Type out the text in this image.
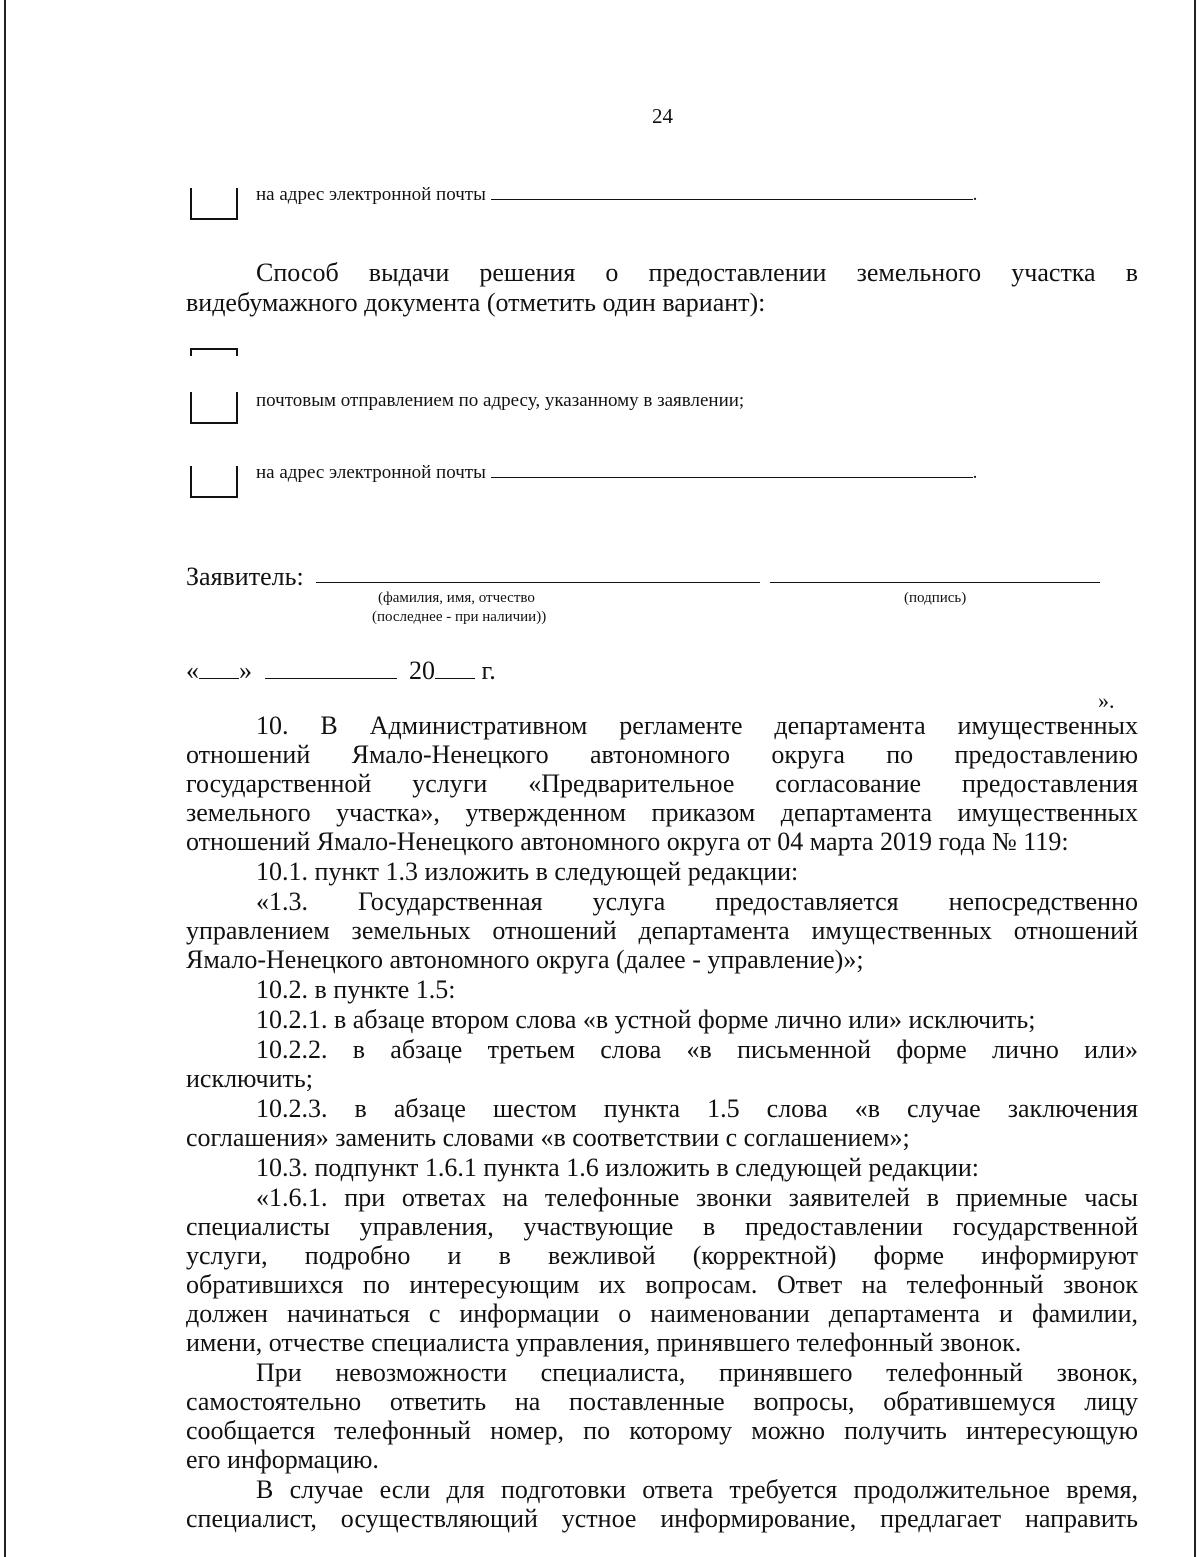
24
на адрес электронной почты	.
Способ выдачи решения о предоставлении земельного участка в
видебумажного документа (отметить один вариант):
почтовым отправлением по адресу, указанному в заявлении;
на адрес электронной почты	.
Заявитель:
(фамилия, имя, отчество
(последнее - при наличии))
(подпись)
« »	20 г.
».
10. В Административном регламенте департамента имущественных
отношений Ямало-Ненецкого автономного округа по предоставлению
государственной услуги «Предварительное согласование предоставления
земельного участка», утвержденном приказом департамента имущественных
отношений Ямало-Ненецкого автономного округа от 04 марта 2019 года № 119:
10.1. пункт 1.3 изложить в следующей редакции:
«1.3. Государственная услуга предоставляется непосредственно
управлением земельных отношений департамента имущественных отношений
Ямало-Ненецкого автономного округа (далее - управление)»;
10.2. в пункте 1.5:
10.2.1. в абзаце втором слова «в устной форме лично или» исключить;
10.2.2. в абзаце третьем слова «в письменной форме лично или»
исключить;
10.2.3. в абзаце шестом пункта 1.5 слова «в случае заключения
соглашения» заменить словами «в соответствии с соглашением»;
10.3. подпункт 1.6.1 пункта 1.6 изложить в следующей редакции:
«1.6.1. при ответах на телефонные звонки заявителей в приемные часы
специалисты управления, участвующие в предоставлении государственной
услуги, подробно и в вежливой (корректной) форме информируют
обратившихся по интересующим их вопросам. Ответ на телефонный звонок
должен начинаться с информации о наименовании департамента и фамилии,
имени, отчестве специалиста управления, принявшего телефонный звонок.
При невозможности специалиста, принявшего телефонный звонок,
самостоятельно ответить на поставленные вопросы, обратившемуся лицу
сообщается телефонный номер, по которому можно получить интересующую
его информацию.
В случае если для подготовки ответа требуется продолжительное время,
специалист, осуществляющий устное информирование, предлагает направить
